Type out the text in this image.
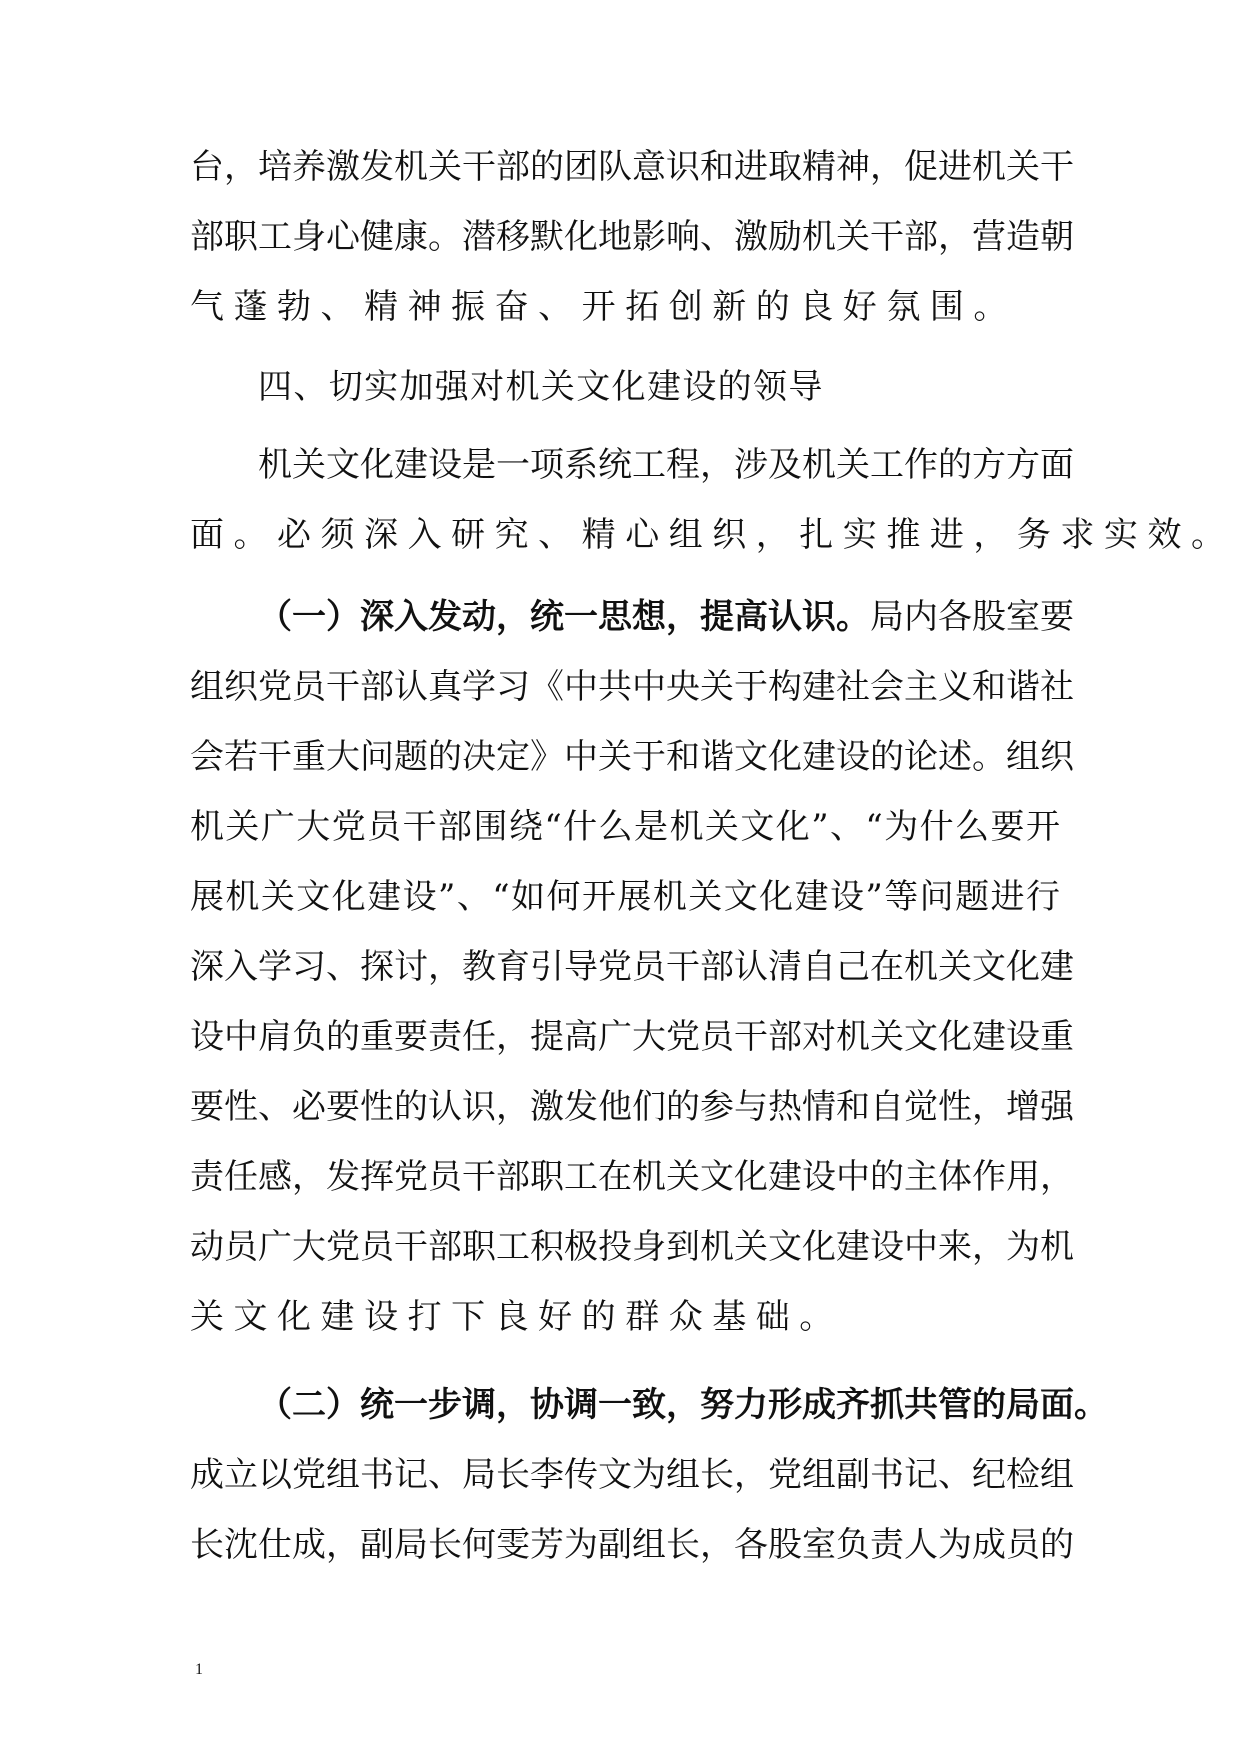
台，培养激发机关干部的团队意识和进取精神，促进机关干
部职工身心健康。潜移默化地影响、激励机关干部，营造朝
气蓬勃、精神振奋、开拓创新的良好氛围。
四、切实加强对机关文化建设的领导
机关文化建设是一项系统工程，涉及机关工作的方方面
面。必须深入研究、精心组织，扎实推进，务求实效。
（一）深入发动，统一思想，提高认识。局内各股室要
组织党员干部认真学习《中共中央关于构建社会主义和谐社
会若干重大问题的决定》中关于和谐文化建设的论述。组织
机关广大党员干部围绕“什么是机关文化”、“为什么要开
展机关文化建设”、“如何开展机关文化建设”等问题进行
深入学习、探讨，教育引导党员干部认清自己在机关文化建
设中肩负的重要责任，提高广大党员干部对机关文化建设重
要性、必要性的认识，激发他们的参与热情和自觉性，增强
责任感，发挥党员干部职工在机关文化建设中的主体作用，
动员广大党员干部职工积极投身到机关文化建设中来，为机
关文化建设打下良好的群众基础。
（二）统一步调，协调一致，努力形成齐抓共管的局面。
成立以党组书记、局长李传文为组长，党组副书记、纪检组
长沈仕成，副局长何雯芳为副组长，各股室负责人为成员的
1
